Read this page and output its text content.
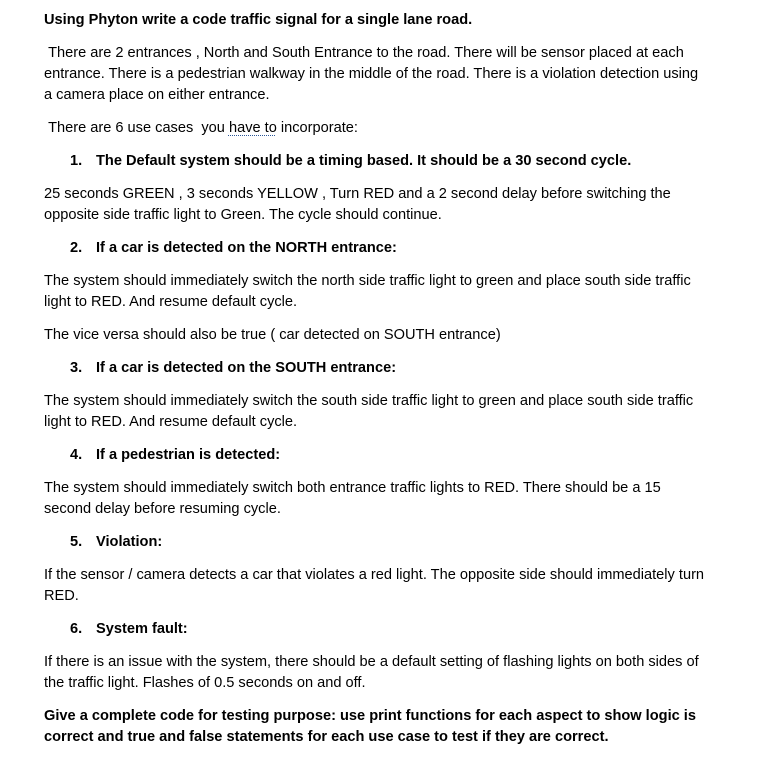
Using Phyton write a code traffic signal for a single lane road.

There are 2 entrances , North and South Entrance to the road. There will be sensor placed at each entrance. There is a pedestrian walkway in the middle of the road. There is a violation detection using a camera place on either entrance.

There are 6 use cases  you have to incorporate:

1. The Default system should be a timing based. It should be a 30 second cycle.

25 seconds GREEN , 3 seconds YELLOW , Turn RED and a 2 second delay before switching the opposite side traffic light to Green. The cycle should continue.

2. If a car is detected on the NORTH entrance:

The system should immediately switch the north side traffic light to green and place south side traffic light to RED. And resume default cycle.

The vice versa should also be true ( car detected on SOUTH entrance)

3. If a car is detected on the SOUTH entrance:

The system should immediately switch the south side traffic light to green and place south side traffic light to RED. And resume default cycle.

4. If a pedestrian is detected:

The system should immediately switch both entrance traffic lights to RED. There should be a 15 second delay before resuming cycle.

5. Violation:

If the sensor / camera detects a car that violates a red light. The opposite side should immediately turn RED.

6. System fault:

If there is an issue with the system, there should be a default setting of flashing lights on both sides of the traffic light. Flashes of 0.5 seconds on and off.

Give a complete code for testing purpose: use print functions for each aspect to show logic is correct and true and false statements for each use case to test if they are correct.
